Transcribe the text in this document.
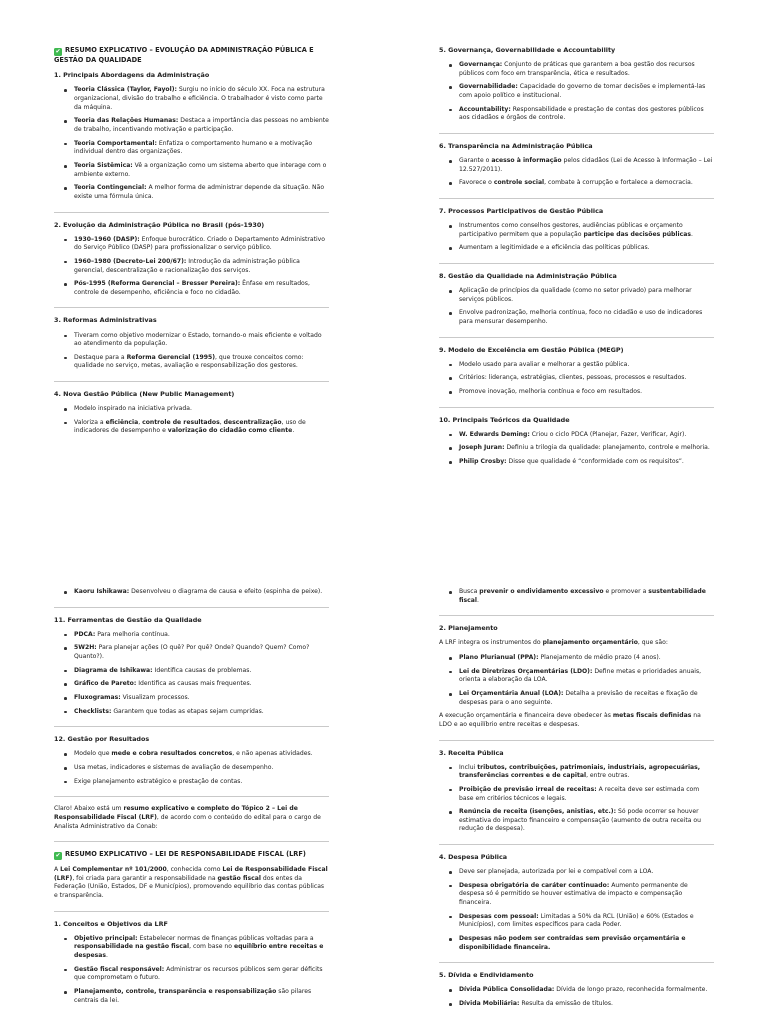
✔ RESUMO EXPLICATIVO – EVOLUÇÃO DA ADMINISTRAÇÃO PÚBLICA E GESTÃO DA QUALIDADE
1. Principais Abordagens da Administração
Teoria Clássica (Taylor, Fayol): Surgiu no início do século XX. Foca na estrutura organizacional, divisão do trabalho e eficiência. O trabalhador é visto como parte da máquina.
Teoria das Relações Humanas: Destaca a importância das pessoas no ambiente de trabalho, incentivando motivação e participação.
Teoria Comportamental: Enfatiza o comportamento humano e a motivação individual dentro das organizações.
Teoria Sistêmica: Vê a organização como um sistema aberto que interage com o ambiente externo.
Teoria Contingencial: A melhor forma de administrar depende da situação. Não existe uma fórmula única.
2. Evolução da Administração Pública no Brasil (pós-1930)
1930–1960 (DASP): Enfoque burocrático. Criado o Departamento Administrativo do Serviço Público (DASP) para profissionalizar o serviço público.
1960–1980 (Decreto-Lei 200/67): Introdução da administração pública gerencial, descentralização e racionalização dos serviços.
Pós-1995 (Reforma Gerencial – Bresser Pereira): Ênfase em resultados, controle de desempenho, eficiência e foco no cidadão.
3. Reformas Administrativas
Tiveram como objetivo modernizar o Estado, tornando-o mais eficiente e voltado ao atendimento da população.
Destaque para a Reforma Gerencial (1995), que trouxe conceitos como: qualidade no serviço, metas, avaliação e responsabilização dos gestores.
4. Nova Gestão Pública (New Public Management)
Modelo inspirado na iniciativa privada.
Valoriza a eficiência, controle de resultados, descentralização, uso de indicadores de desempenho e valorização do cidadão como cliente.
5. Governança, Governabilidade e Accountability
Governança: Conjunto de práticas que garantem a boa gestão dos recursos públicos com foco em transparência, ética e resultados.
Governabilidade: Capacidade do governo de tomar decisões e implementá-las com apoio político e institucional.
Accountability: Responsabilidade e prestação de contas dos gestores públicos aos cidadãos e órgãos de controle.
6. Transparência na Administração Pública
Garante o acesso à informação pelos cidadãos (Lei de Acesso à Informação – Lei 12.527/2011).
Favorece o controle social, combate à corrupção e fortalece a democracia.
7. Processos Participativos de Gestão Pública
Instrumentos como conselhos gestores, audiências públicas e orçamento participativo permitem que a população participe das decisões públicas.
Aumentam a legitimidade e a eficiência das políticas públicas.
8. Gestão da Qualidade na Administração Pública
Aplicação de princípios da qualidade (como no setor privado) para melhorar serviços públicos.
Envolve padronização, melhoria contínua, foco no cidadão e uso de indicadores para mensurar desempenho.
9. Modelo de Excelência em Gestão Pública (MEGP)
Modelo usado para avaliar e melhorar a gestão pública.
Critérios: liderança, estratégias, clientes, pessoas, processos e resultados.
Promove inovação, melhoria contínua e foco em resultados.
10. Principais Teóricos da Qualidade
W. Edwards Deming: Criou o ciclo PDCA (Planejar, Fazer, Verificar, Agir).
Joseph Juran: Definiu a trilogia da qualidade: planejamento, controle e melhoria.
Philip Crosby: Disse que qualidade é “conformidade com os requisitos”.
Kaoru Ishikawa: Desenvolveu o diagrama de causa e efeito (espinha de peixe).
11. Ferramentas de Gestão da Qualidade
PDCA: Para melhoria contínua.
5W2H: Para planejar ações (O quê? Por quê? Onde? Quando? Quem? Como? Quanto?).
Diagrama de Ishikawa: Identifica causas de problemas.
Gráfico de Pareto: Identifica as causas mais frequentes.
Fluxogramas: Visualizam processos.
Checklists: Garantem que todas as etapas sejam cumpridas.
12. Gestão por Resultados
Modelo que mede e cobra resultados concretos, e não apenas atividades.
Usa metas, indicadores e sistemas de avaliação de desempenho.
Exige planejamento estratégico e prestação de contas.

Claro! Abaixo está um resumo explicativo e completo do Tópico 2 – Lei de Responsabilidade Fiscal (LRF), de acordo com o conteúdo do edital para o cargo de Analista Administrativo da Conab:

✔ RESUMO EXPLICATIVO – LEI DE RESPONSABILIDADE FISCAL (LRF)

A Lei Complementar nº 101/2000, conhecida como Lei de Responsabilidade Fiscal (LRF), foi criada para garantir a responsabilidade na gestão fiscal dos entes da Federação (União, Estados, DF e Municípios), promovendo equilíbrio das contas públicas e transparência.

1. Conceitos e Objetivos da LRF
Objetivo principal: Estabelecer normas de finanças públicas voltadas para a responsabilidade na gestão fiscal, com base no equilíbrio entre receitas e despesas.
Gestão fiscal responsável: Administrar os recursos públicos sem gerar déficits que comprometam o futuro.
Planejamento, controle, transparência e responsabilização são pilares centrais da lei.
Busca prevenir o endividamento excessivo e promover a sustentabilidade fiscal.
2. Planejamento

A LRF integra os instrumentos do planejamento orçamentário, que são:

Plano Plurianual (PPA): Planejamento de médio prazo (4 anos).
Lei de Diretrizes Orçamentárias (LDO): Define metas e prioridades anuais, orienta a elaboração da LOA.
Lei Orçamentária Anual (LOA): Detalha a previsão de receitas e fixação de despesas para o ano seguinte.

A execução orçamentária e financeira deve obedecer às metas fiscais definidas na LDO e ao equilíbrio entre receitas e despesas.

3. Receita Pública
Inclui tributos, contribuições, patrimoniais, industriais, agropecuárias, transferências correntes e de capital, entre outras.
Proibição de previsão irreal de receitas: A receita deve ser estimada com base em critérios técnicos e legais.
Renúncia de receita (isenções, anistias, etc.): Só pode ocorrer se houver estimativa do impacto financeiro e compensação (aumento de outra receita ou redução de despesa).
4. Despesa Pública
Deve ser planejada, autorizada por lei e compatível com a LOA.
Despesa obrigatória de caráter continuado: Aumento permanente de despesa só é permitido se houver estimativa de impacto e compensação financeira.
Despesas com pessoal: Limitadas a 50% da RCL (União) e 60% (Estados e Municípios), com limites específicos para cada Poder.
Despesas não podem ser contraídas sem previsão orçamentária e disponibilidade financeira.
5. Dívida e Endividamento
Dívida Pública Consolidada: Dívida de longo prazo, reconhecida formalmente.
Dívida Mobiliária: Resulta da emissão de títulos.
